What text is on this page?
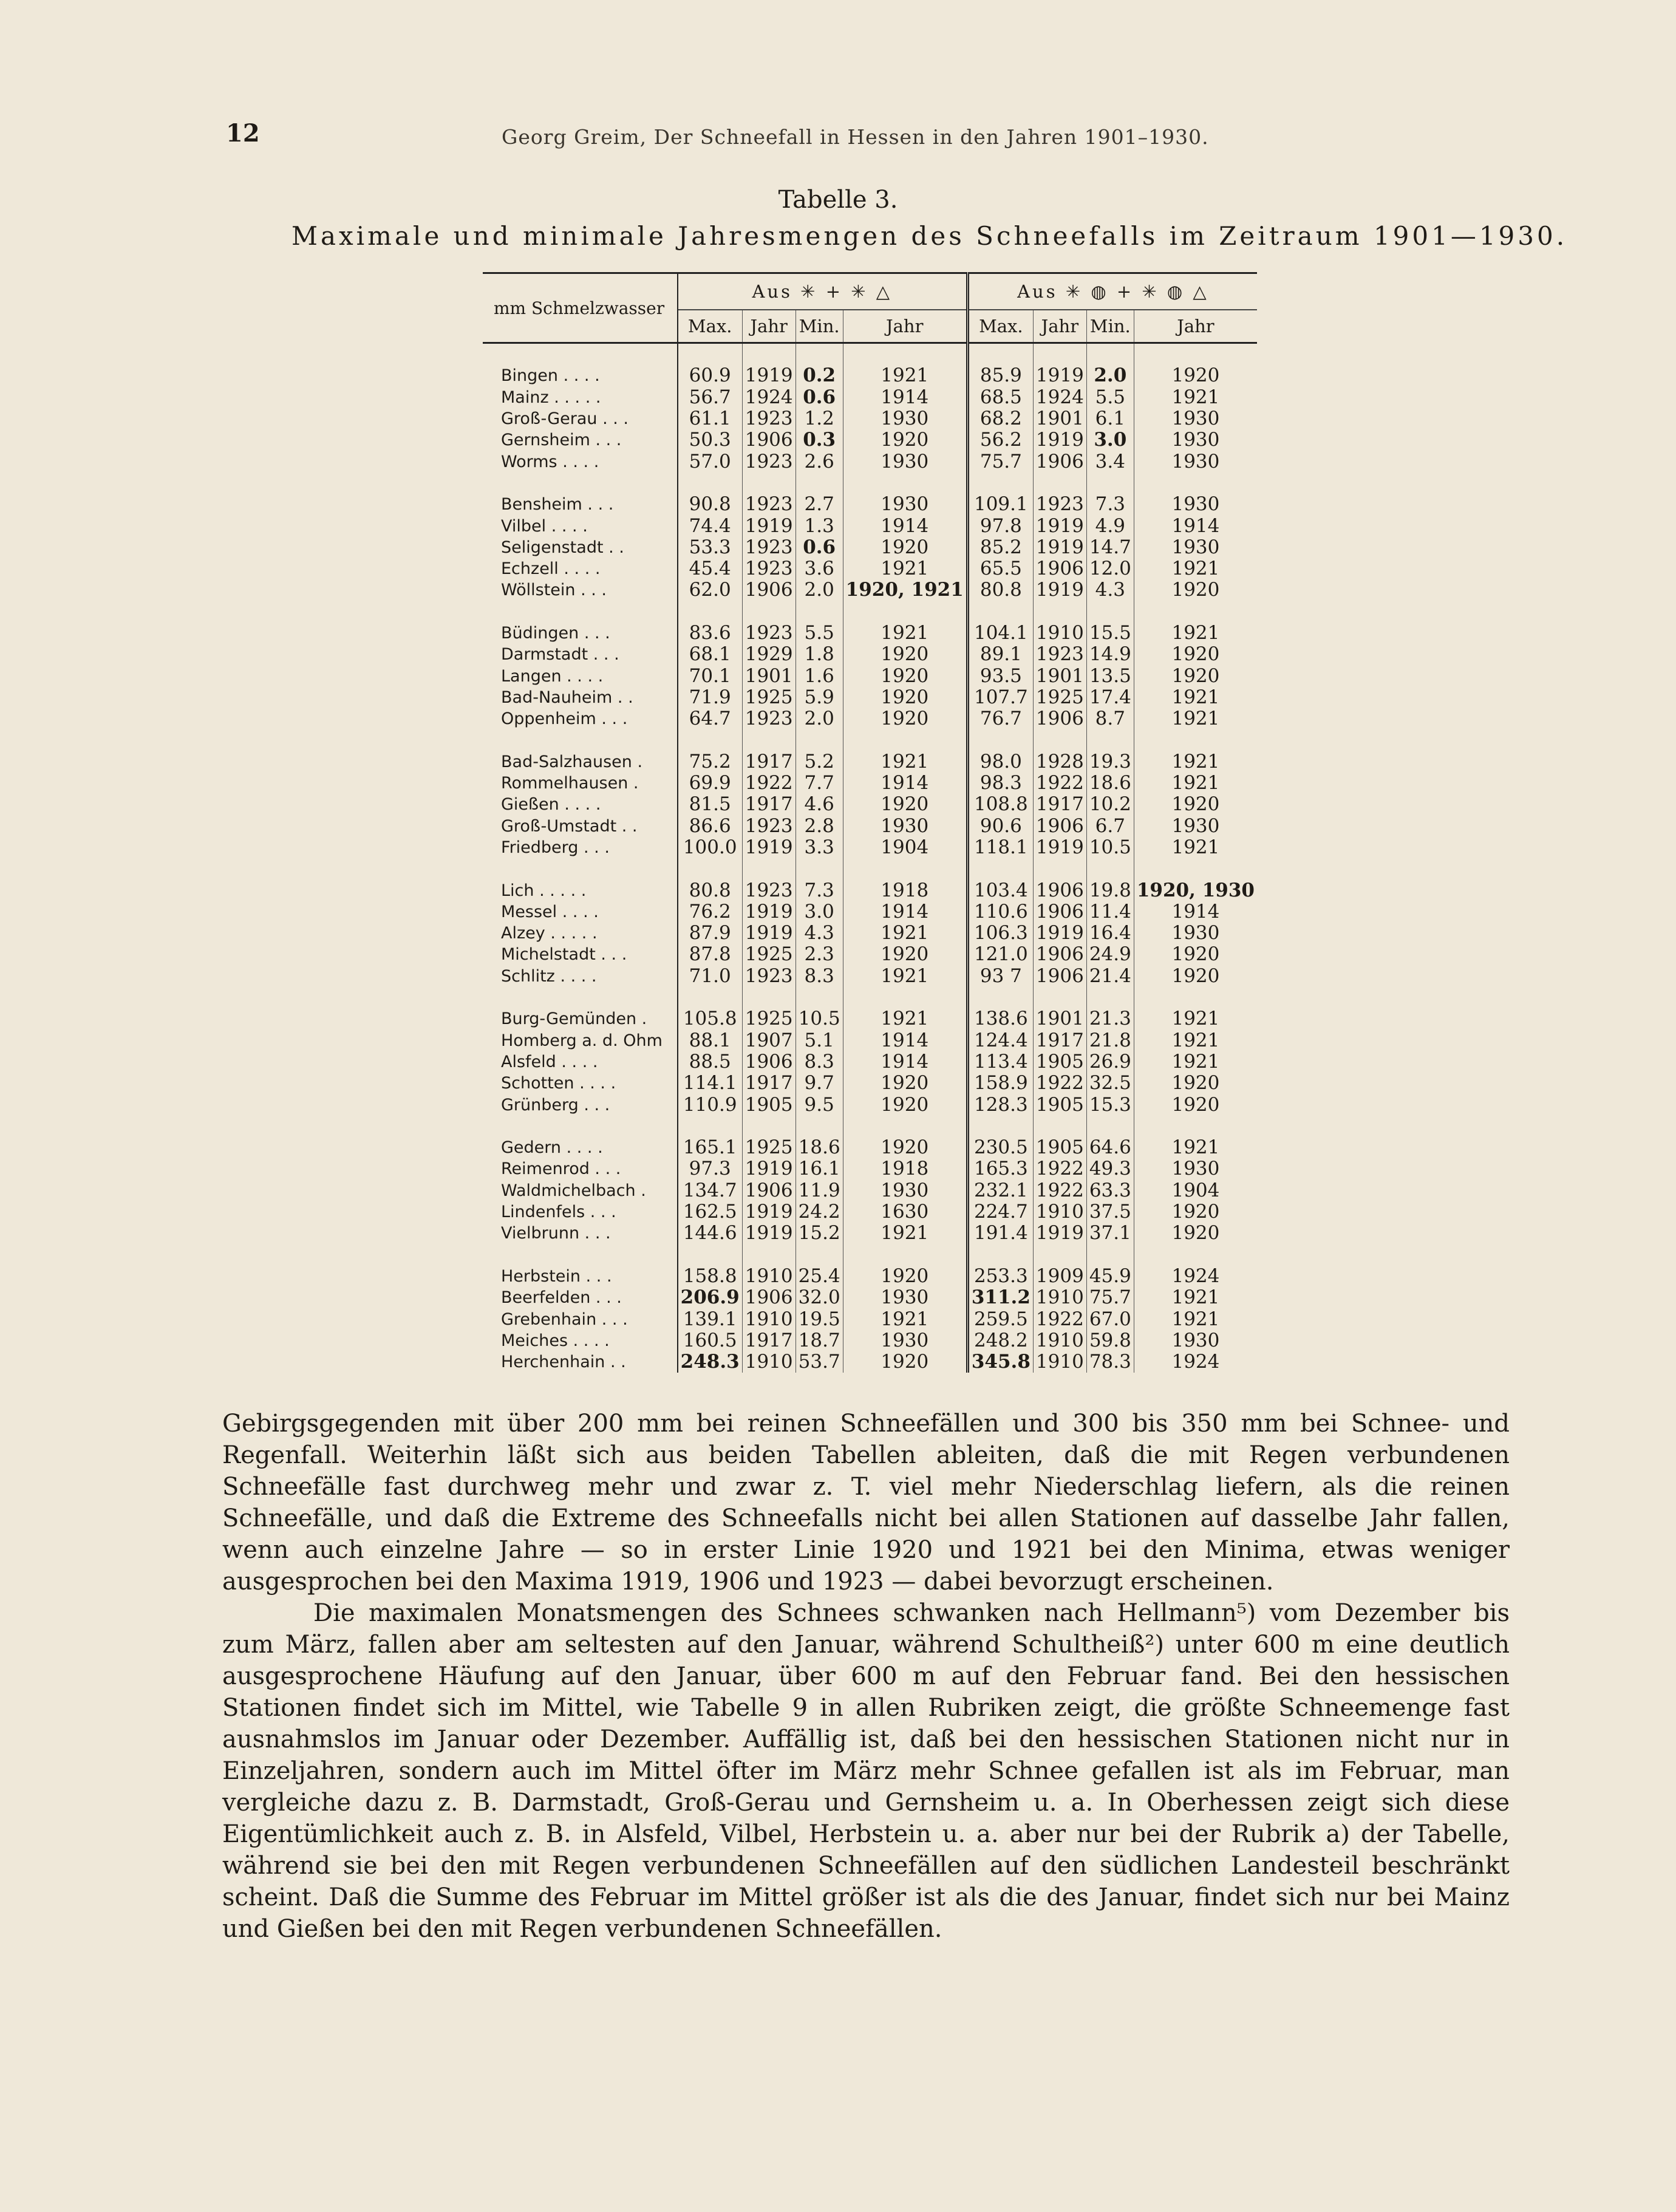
12	Georg Greim, Der Schneefall in Hessen in den Jahren 1901–1930.
Tabelle 3.
Maximale und minimale Jahresmengen des Schneefalls im Zeitraum 1901—1930.
mm Schmelzwasser	Aus ✳ + ✳ △				Aus ✳ ◍ + ✳ ◍ △			
	Max.	Jahr	Min.	Jahr	Max.	Jahr	Min.	Jahr

Bingen . . . .	60.9	1919	0.2	1921	85.9	1919	2.0	1920
Mainz . . . . .	56.7	1924	0.6	1914	68.5	1924	5.5	1921
Groß-Gerau . . .	61.1	1923	1.2	1930	68.2	1901	6.1	1930
Gernsheim . . .	50.3	1906	0.3	1920	56.2	1919	3.0	1930
Worms . . . .	57.0	1923	2.6	1930	75.7	1906	3.4	1930

Bensheim . . .	90.8	1923	2.7	1930	109.1	1923	7.3	1930
Vilbel . . . .	74.4	1919	1.3	1914	97.8	1919	4.9	1914
Seligenstadt . .	53.3	1923	0.6	1920	85.2	1919	14.7	1930
Echzell . . . .	45.4	1923	3.6	1921	65.5	1906	12.0	1921
Wöllstein . . .	62.0	1906	2.0	1920, 1921	80.8	1919	4.3	1920

Büdingen . . .	83.6	1923	5.5	1921	104.1	1910	15.5	1921
Darmstadt . . .	68.1	1929	1.8	1920	89.1	1923	14.9	1920
Langen . . . .	70.1	1901	1.6	1920	93.5	1901	13.5	1920
Bad-Nauheim . .	71.9	1925	5.9	1920	107.7	1925	17.4	1921
Oppenheim . . .	64.7	1923	2.0	1920	76.7	1906	8.7	1921

Bad-Salzhausen .	75.2	1917	5.2	1921	98.0	1928	19.3	1921
Rommelhausen .	69.9	1922	7.7	1914	98.3	1922	18.6	1921
Gießen . . . .	81.5	1917	4.6	1920	108.8	1917	10.2	1920
Groß-Umstadt . .	86.6	1923	2.8	1930	90.6	1906	6.7	1930
Friedberg . . .	100.0	1919	3.3	1904	118.1	1919	10.5	1921

Lich . . . . .	80.8	1923	7.3	1918	103.4	1906	19.8	1920, 1930
Messel . . . .	76.2	1919	3.0	1914	110.6	1906	11.4	1914
Alzey . . . . .	87.9	1919	4.3	1921	106.3	1919	16.4	1930
Michelstadt . . .	87.8	1925	2.3	1920	121.0	1906	24.9	1920
Schlitz . . . .	71.0	1923	8.3	1921	93 7	1906	21.4	1920

Burg-Gemünden .	105.8	1925	10.5	1921	138.6	1901	21.3	1921
Homberg a. d. Ohm	88.1	1907	5.1	1914	124.4	1917	21.8	1921
Alsfeld . . . .	88.5	1906	8.3	1914	113.4	1905	26.9	1921
Schotten . . . .	114.1	1917	9.7	1920	158.9	1922	32.5	1920
Grünberg . . .	110.9	1905	9.5	1920	128.3	1905	15.3	1920

Gedern . . . .	165.1	1925	18.6	1920	230.5	1905	64.6	1921
Reimenrod . . .	97.3	1919	16.1	1918	165.3	1922	49.3	1930
Waldmichelbach .	134.7	1906	11.9	1930	232.1	1922	63.3	1904
Lindenfels . . .	162.5	1919	24.2	1630	224.7	1910	37.5	1920
Vielbrunn . . .	144.6	1919	15.2	1921	191.4	1919	37.1	1920

Herbstein . . .	158.8	1910	25.4	1920	253.3	1909	45.9	1924
Beerfelden . . .	206.9	1906	32.0	1930	311.2	1910	75.7	1921
Grebenhain . . .	139.1	1910	19.5	1921	259.5	1922	67.0	1921
Meiches . . . .	160.5	1917	18.7	1930	248.2	1910	59.8	1930
Herchenhain . .	248.3	1910	53.7	1920	345.8	1910	78.3	1924

Gebirgsgegenden mit über 200 mm bei reinen Schneefällen und 300 bis 350 mm bei Schnee- und Regenfall. Weiterhin läßt sich aus beiden Tabellen ableiten, daß die mit Regen verbundenen Schneefälle fast durchweg mehr und zwar z. T. viel mehr Niederschlag liefern, als die reinen Schneefälle, und daß die Extreme des Schneefalls nicht bei allen Stationen auf dasselbe Jahr fallen, wenn auch einzelne Jahre — so in erster Linie 1920 und 1921 bei den Minima, etwas weniger ausgesprochen bei den Maxima 1919, 1906 und 1923 — dabei bevorzugt erscheinen.

Die maximalen Monatsmengen des Schnees schwanken nach Hellmann⁵) vom Dezember bis zum März, fallen aber am seltesten auf den Januar, während Schultheiß²) unter 600 m eine deutlich ausgesprochene Häufung auf den Januar, über 600 m auf den Februar fand. Bei den hessischen Stationen findet sich im Mittel, wie Tabelle 9 in allen Rubriken zeigt, die größte Schneemenge fast ausnahmslos im Januar oder Dezember. Auffällig ist, daß bei den hessischen Stationen nicht nur in Einzeljahren, sondern auch im Mittel öfter im März mehr Schnee gefallen ist als im Februar, man vergleiche dazu z. B. Darmstadt, Groß-Gerau und Gernsheim u. a. In Oberhessen zeigt sich diese Eigentümlichkeit auch z. B. in Alsfeld, Vilbel, Herbstein u. a. aber nur bei der Rubrik a) der Tabelle, während sie bei den mit Regen verbundenen Schneefällen auf den südlichen Landesteil beschränkt scheint. Daß die Summe des Februar im Mittel größer ist als die des Januar, findet sich nur bei Mainz und Gießen bei den mit Regen verbundenen Schneefällen.
